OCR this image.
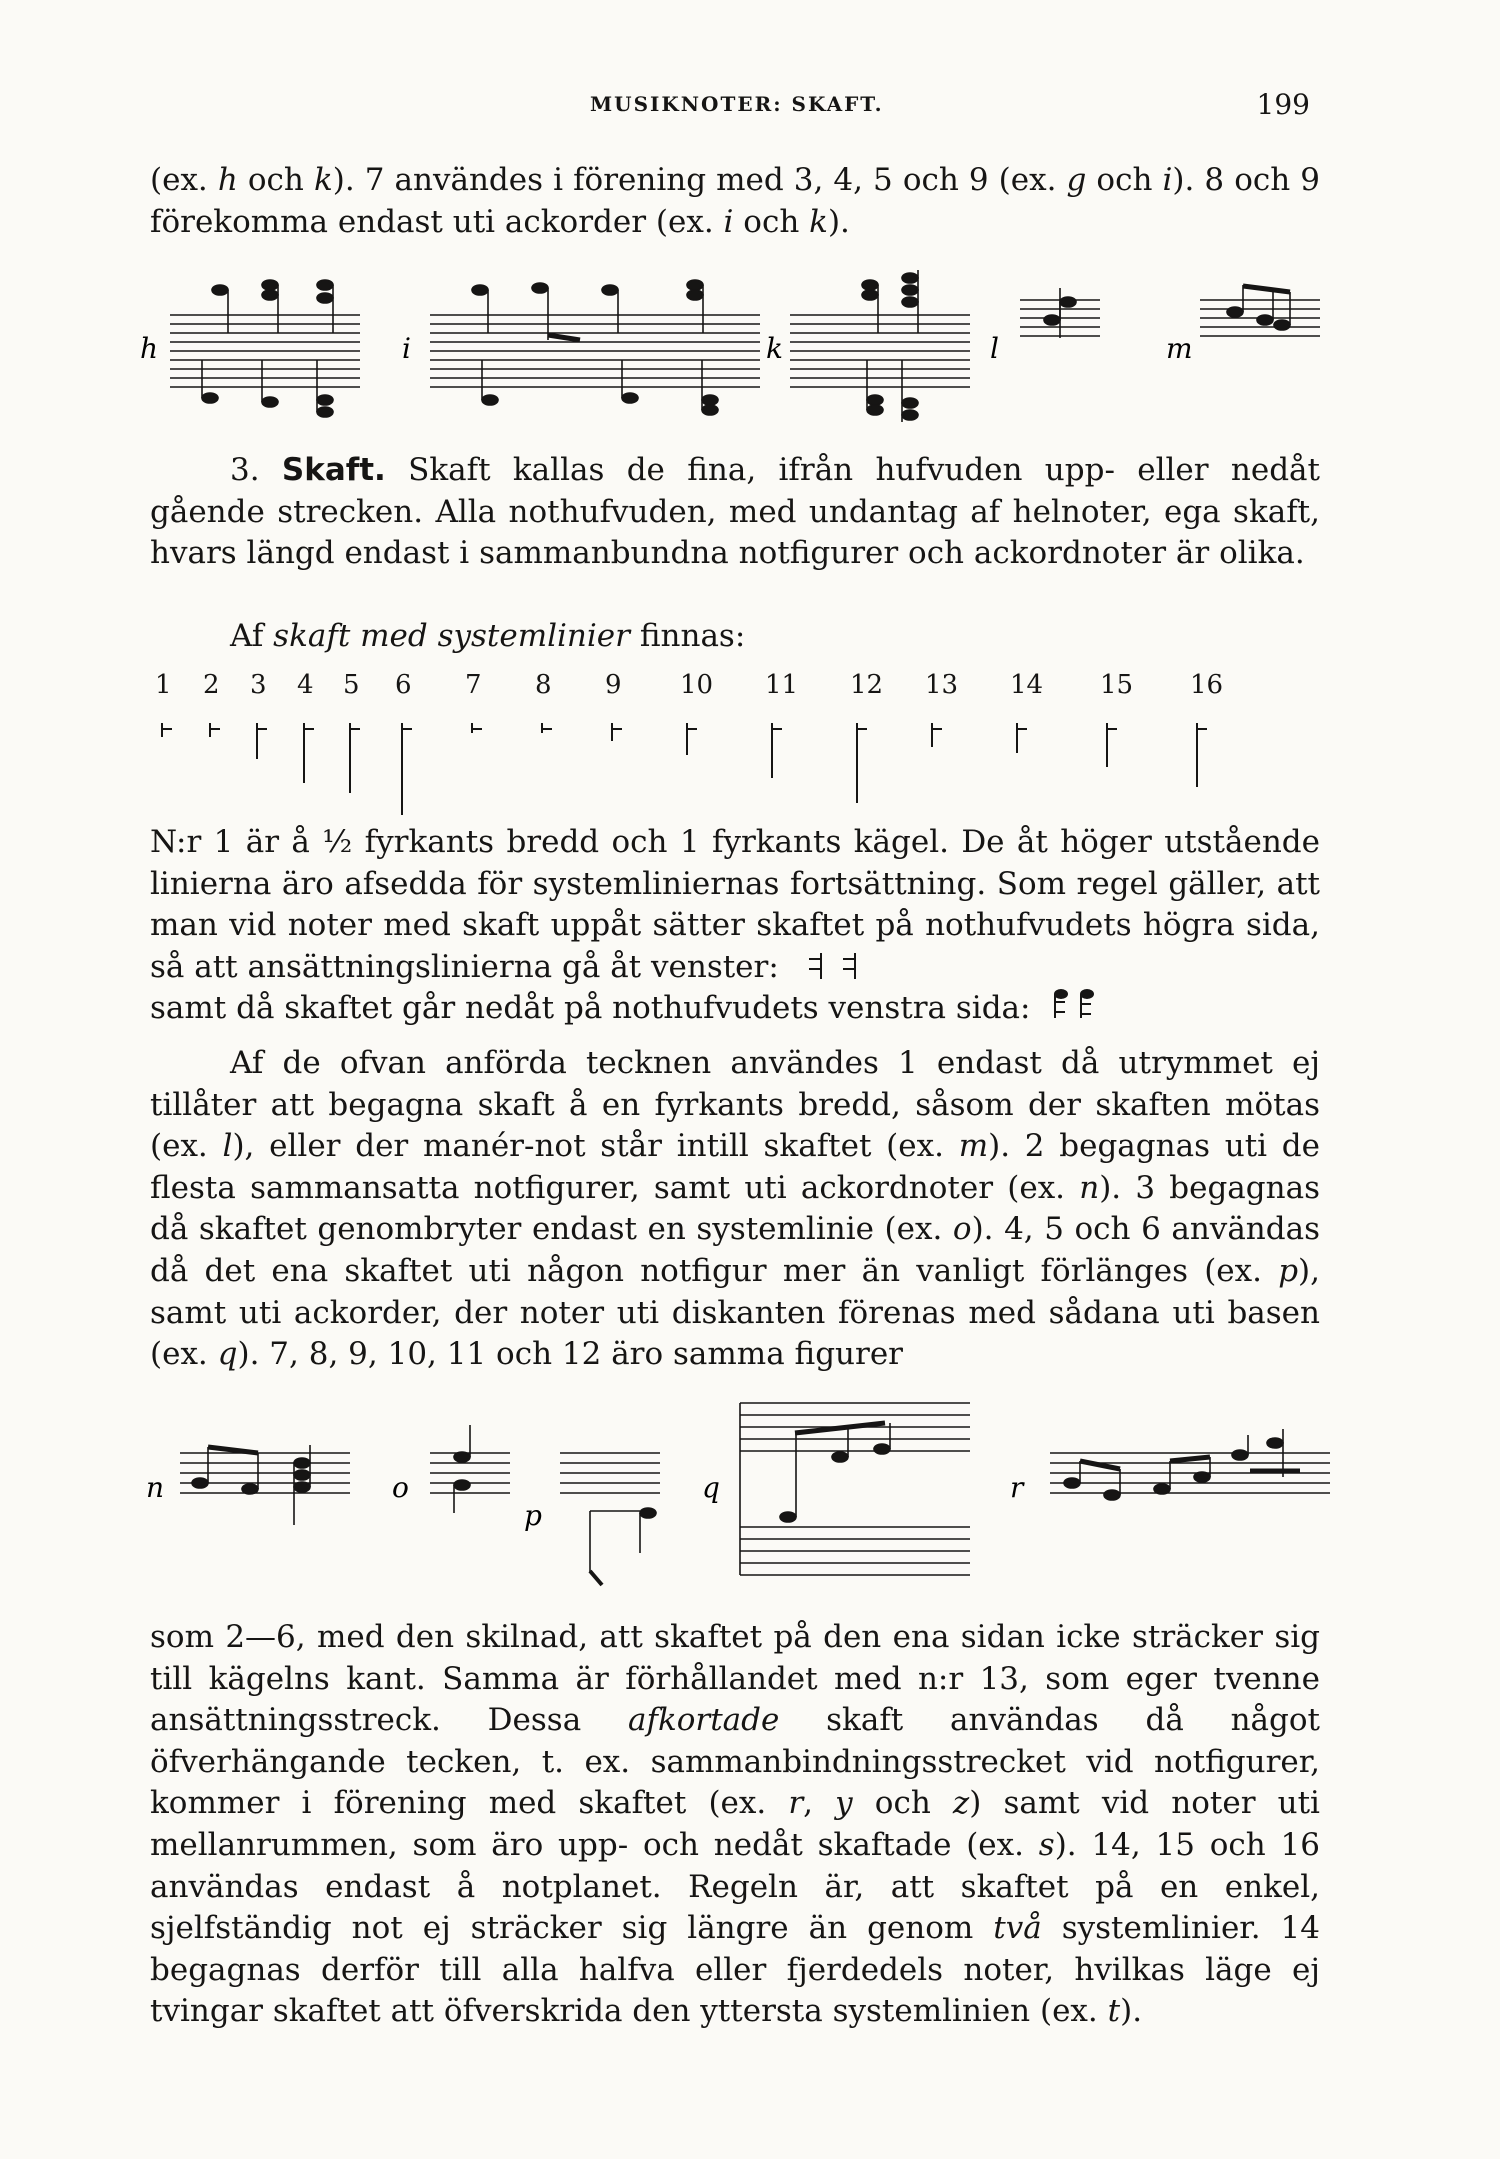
MUSIKNOTER: SKAFT.	199

(ex. h och k). 7 användes i förening med 3, 4, 5 och 9 (ex. g och i). 8 och 9 förekomma endast uti ackorder (ex. i och k).

h	i	k	l	m

3. Skaft. Skaft kallas de fina, ifrån hufvuden upp- eller nedåt gående strecken. Alla nothufvuden, med undantag af helnoter, ega skaft, hvars längd endast i sammanbundna notfigurer och ackordnoter är olika.

Af skaft med systemlinier finnas:

1 2 3 4 5 6 7 8 9 10 11 12 13 14 15 16

N:r 1 är å ½ fyrkants bredd och 1 fyrkants kägel. De åt höger utstående linierna äro afsedda för systemliniernas fortsättning. Som regel gäller, att man vid noter med skaft uppåt sätter skaftet på nothufvudets högra sida, så att ansättningslinierna gå åt venster:
samt då skaftet går nedåt på nothufvudets venstra sida:

Af de ofvan anförda tecknen användes 1 endast då utrymmet ej tillåter att begagna skaft å en fyrkants bredd, såsom der skaften mötas (ex. l), eller der manér-not står intill skaftet (ex. m). 2 begagnas uti de flesta sammansatta notfigurer, samt uti ackordnoter (ex. n). 3 begagnas då skaftet genombryter endast en systemlinie (ex. o). 4, 5 och 6 användas då det ena skaftet uti någon notfigur mer än vanligt förlänges (ex. p), samt uti ackorder, der noter uti diskanten förenas med sådana uti basen (ex. q). 7, 8, 9, 10, 11 och 12 äro samma figurer

n	o
p
q	r

som 2—6, med den skilnad, att skaftet på den ena sidan icke sträcker sig till kägelns kant. Samma är förhållandet med n:r 13, som eger tvenne ansättningsstreck. Dessa afkortade skaft användas då något öfverhängande tecken, t. ex. sammanbindningsstrecket vid notfigurer, kommer i förening med skaftet (ex. r, y och z) samt vid noter uti mellanrummen, som äro upp- och nedåt skaftade (ex. s). 14, 15 och 16 användas endast å notplanet. Regeln är, att skaftet på en enkel, sjelfständig not ej sträcker sig längre än genom två systemlinier. 14 begagnas derför till alla halfva eller fjerdedels noter, hvilkas läge ej tvingar skaftet att öfverskrida den yttersta systemlinien (ex. t).
